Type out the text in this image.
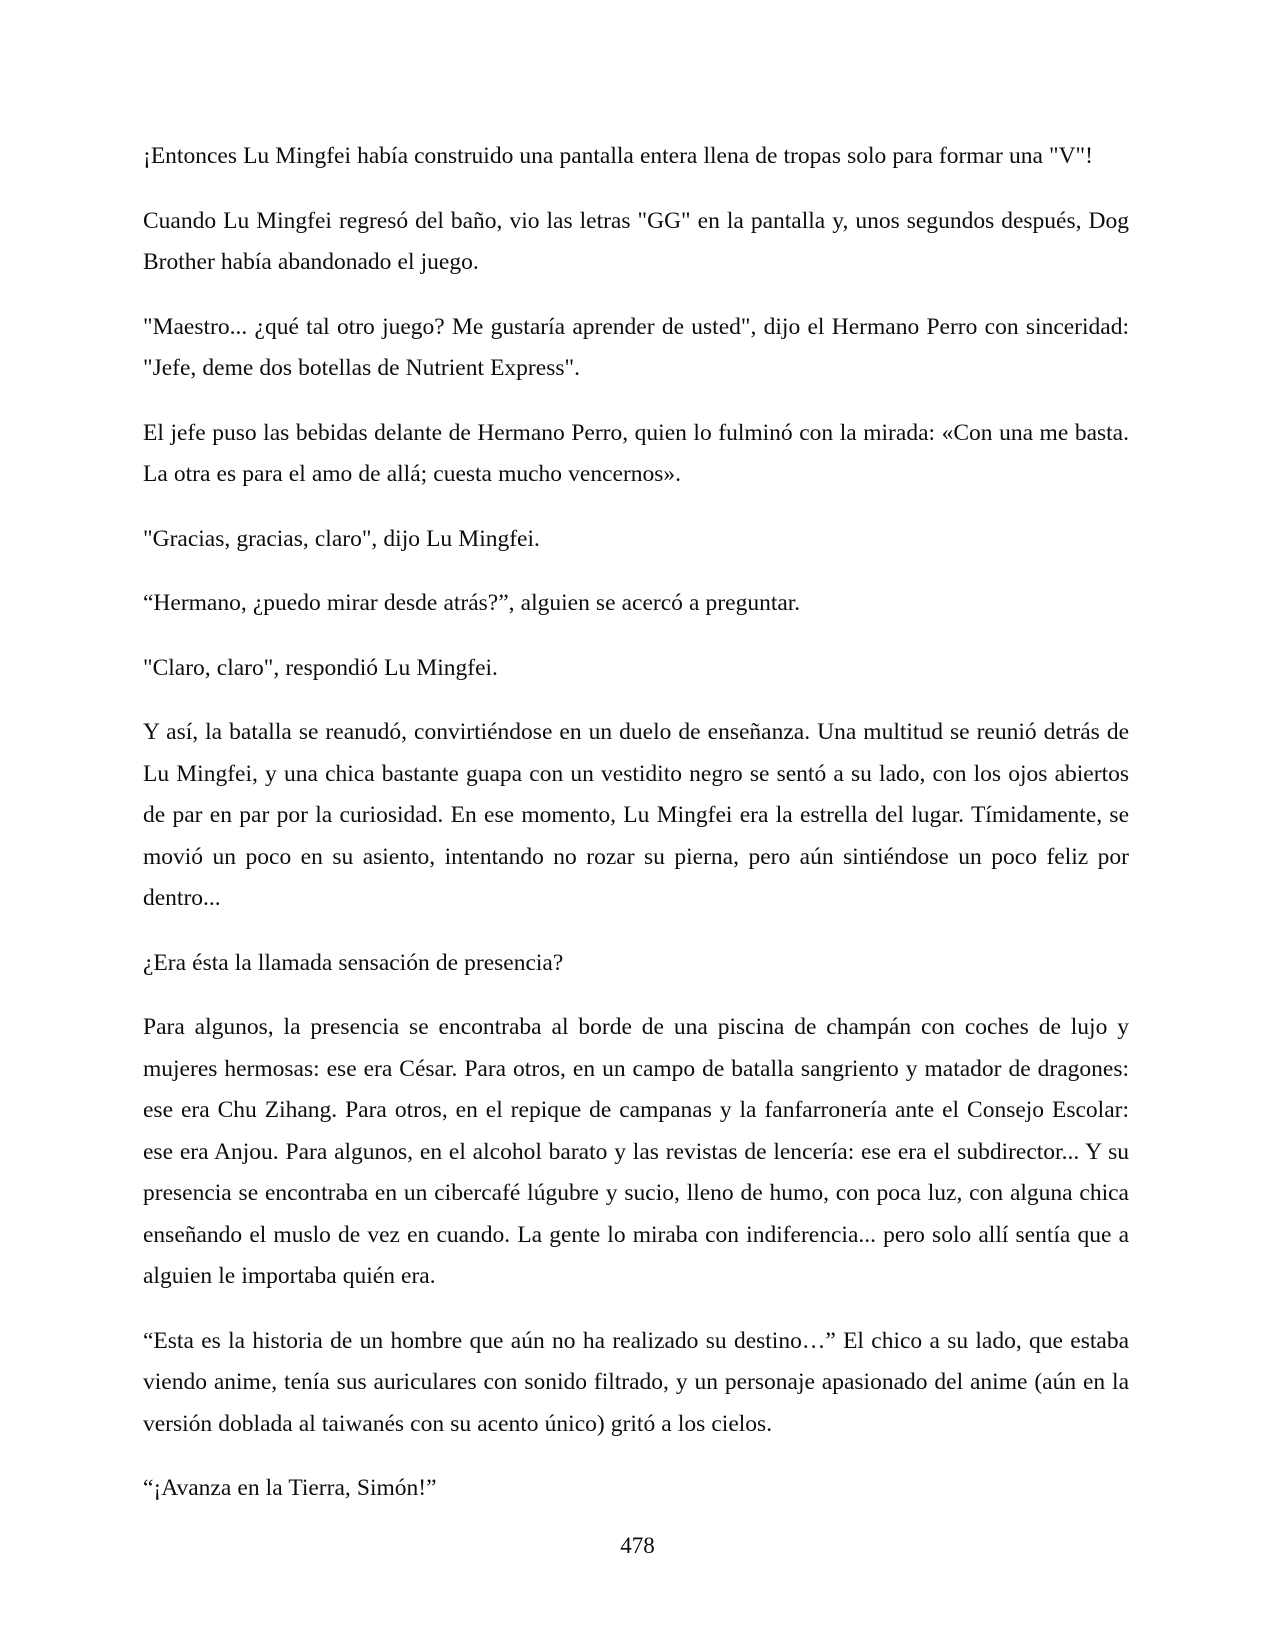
¡Entonces Lu Mingfei había construido una pantalla entera llena de tropas solo para formar una "V"!

Cuando Lu Mingfei regresó del baño, vio las letras "GG" en la pantalla y, unos segundos después, Dog Brother había abandonado el juego.

"Maestro... ¿qué tal otro juego? Me gustaría aprender de usted", dijo el Hermano Perro con sinceridad: "Jefe, deme dos botellas de Nutrient Express".

El jefe puso las bebidas delante de Hermano Perro, quien lo fulminó con la mirada: «Con una me basta. La otra es para el amo de allá; cuesta mucho vencernos».

"Gracias, gracias, claro", dijo Lu Mingfei.

“Hermano, ¿puedo mirar desde atrás?”, alguien se acercó a preguntar.

"Claro, claro", respondió Lu Mingfei.

Y así, la batalla se reanudó, convirtiéndose en un duelo de enseñanza. Una multitud se reunió detrás de Lu Mingfei, y una chica bastante guapa con un vestidito negro se sentó a su lado, con los ojos abiertos de par en par por la curiosidad. En ese momento, Lu Mingfei era la estrella del lugar. Tímidamente, se movió un poco en su asiento, intentando no rozar su pierna, pero aún sintiéndose un poco feliz por dentro...

¿Era ésta la llamada sensación de presencia?

Para algunos, la presencia se encontraba al borde de una piscina de champán con coches de lujo y mujeres hermosas: ese era César. Para otros, en un campo de batalla sangriento y matador de dragones: ese era Chu Zihang. Para otros, en el repique de campanas y la fanfarronería ante el Consejo Escolar: ese era Anjou. Para algunos, en el alcohol barato y las revistas de lencería: ese era el subdirector... Y su presencia se encontraba en un cibercafé lúgubre y sucio, lleno de humo, con poca luz, con alguna chica enseñando el muslo de vez en cuando. La gente lo miraba con indiferencia... pero solo allí sentía que a alguien le importaba quién era.

“Esta es la historia de un hombre que aún no ha realizado su destino…” El chico a su lado, que estaba viendo anime, tenía sus auriculares con sonido filtrado, y un personaje apasionado del anime (aún en la versión doblada al taiwanés con su acento único) gritó a los cielos.

“¡Avanza en la Tierra, Simón!”

478
